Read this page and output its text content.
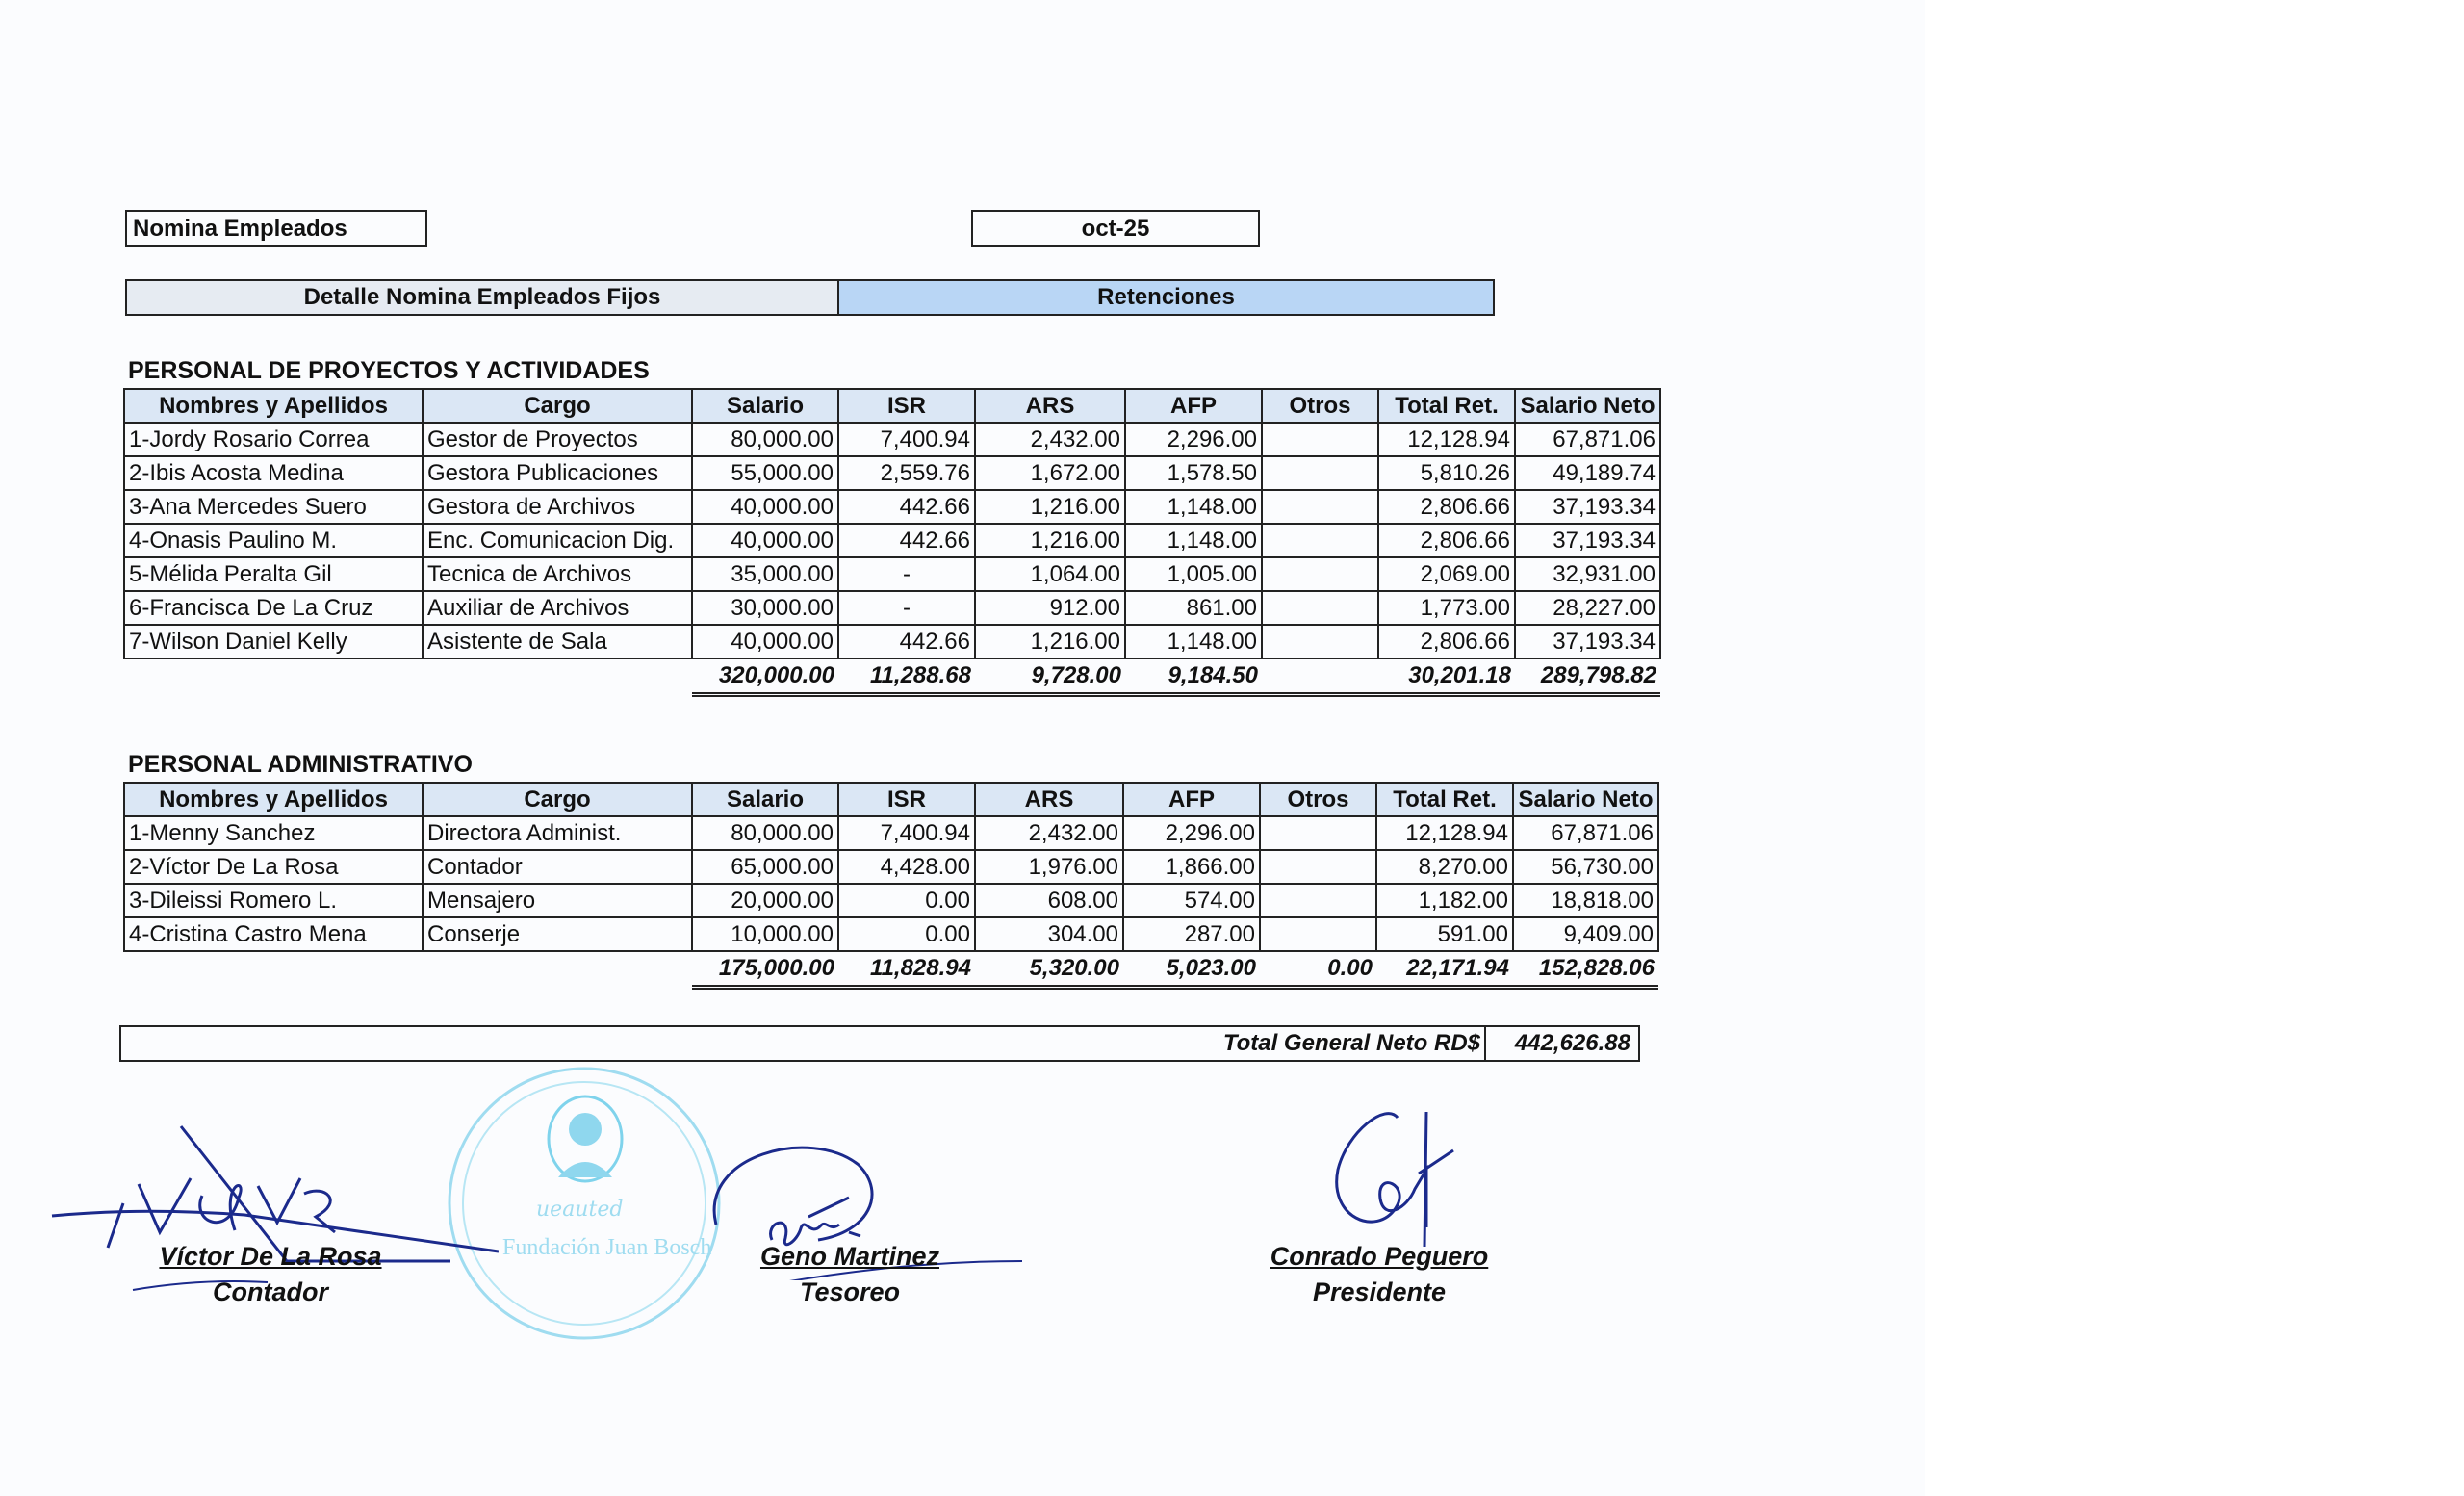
Nomina Empleados	oct-25
Detalle Nomina Empleados Fijos	Retenciones
PERSONAL DE PROYECTOS Y ACTIVIDADES
Nombres y Apellidos	Cargo	Salario	ISR	ARS	AFP	Otros	Total Ret.	Salario Neto
1-Jordy Rosario Correa	Gestor de Proyectos	80,000.00	7,400.94	2,432.00	2,296.00		12,128.94	67,871.06
2-Ibis Acosta Medina	Gestora Publicaciones	55,000.00	2,559.76	1,672.00	1,578.50		5,810.26	49,189.74
3-Ana Mercedes Suero	Gestora de Archivos	40,000.00	442.66	1,216.00	1,148.00		2,806.66	37,193.34
4-Onasis Paulino M.	Enc. Comunicacion Dig.	40,000.00	442.66	1,216.00	1,148.00		2,806.66	37,193.34
5-Mélida Peralta Gil	Tecnica de Archivos	35,000.00	-	1,064.00	1,005.00		2,069.00	32,931.00
6-Francisca De La Cruz	Auxiliar de Archivos	30,000.00	-	912.00	861.00		1,773.00	28,227.00
7-Wilson Daniel Kelly	Asistente de Sala	40,000.00	442.66	1,216.00	1,148.00		2,806.66	37,193.34
		320,000.00	11,288.68	9,728.00	9,184.50		30,201.18	289,798.82
PERSONAL ADMINISTRATIVO
Nombres y Apellidos	Cargo	Salario	ISR	ARS	AFP	Otros	Total Ret.	Salario Neto
1-Menny Sanchez	Directora Administ.	80,000.00	7,400.94	2,432.00	2,296.00		12,128.94	67,871.06
2-Víctor De La Rosa	Contador	65,000.00	4,428.00	1,976.00	1,866.00		8,270.00	56,730.00
3-Dileissi Romero L.	Mensajero	20,000.00	0.00	608.00	574.00		1,182.00	18,818.00
4-Cristina Castro Mena	Conserje	10,000.00	0.00	304.00	287.00		591.00	9,409.00
		175,000.00	11,828.94	5,320.00	5,023.00	0.00	22,171.94	152,828.06
Total General Neto RD$	442,626.88
ueauted
Fundación Juan Bosch
Víctor De La Rosa
Contador
Geno Martinez
Tesoreo
Conrado Peguero
Presidente
